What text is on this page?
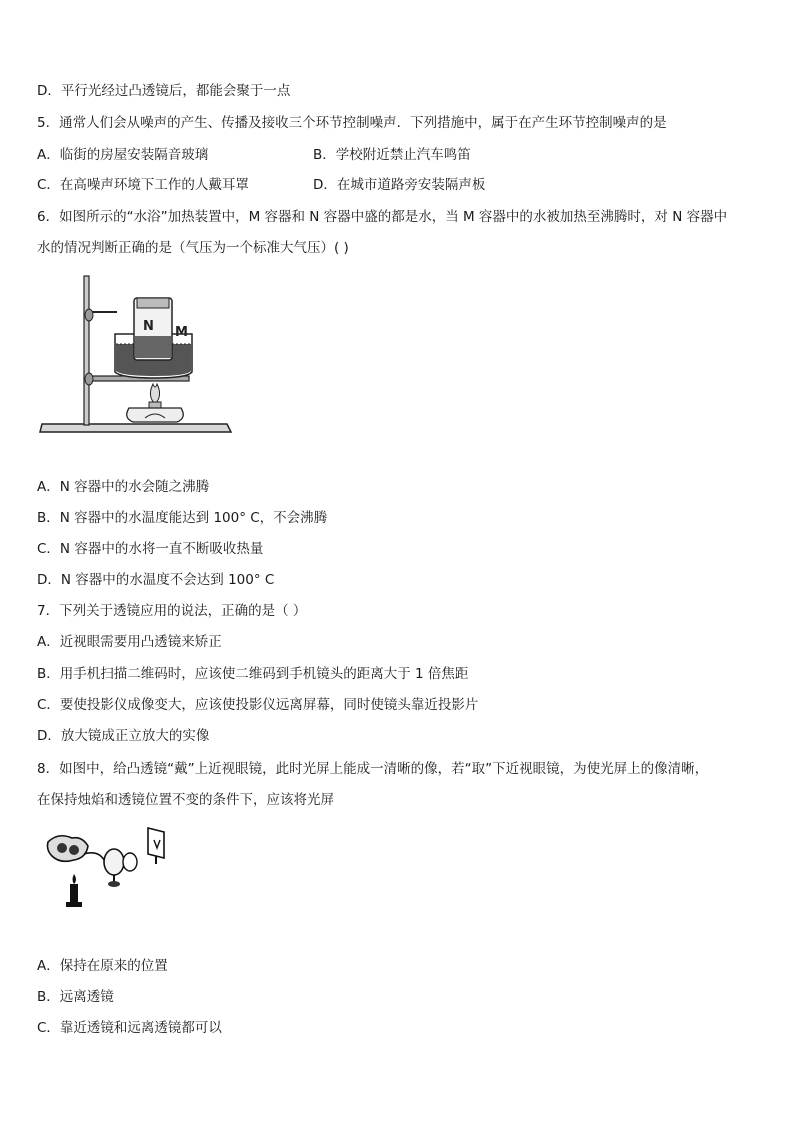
D．平行光经过凸透镜后，都能会聚于一点
5．通常人们会从噪声的产生、传播及接收三个环节控制噪声．下列措施中，属于在产生环节控制噪声的是
A．临街的房屋安装隔音玻璃	B．学校附近禁止汽车鸣笛
C．在高噪声环境下工作的人戴耳罩	D．在城市道路旁安装隔声板
6．如图所示的“水浴”加热装置中，M 容器和 N 容器中盛的都是水，当 M 容器中的水被加热至沸腾时，对 N 容器中
水的情况判断正确的是（气压为一个标准大气压）( )
N M
A．N 容器中的水会随之沸腾
B．N 容器中的水温度能达到 100° C，不会沸腾
C．N 容器中的水将一直不断吸收热量
D．N 容器中的水温度不会达到 100° C
7．下列关于透镜应用的说法，正确的是（ ）
A．近视眼需要用凸透镜来矫正
B．用手机扫描二维码时，应该使二维码到手机镜头的距离大于 1 倍焦距
C．要使投影仪成像变大，应该使投影仪远离屏幕，同时使镜头靠近投影片
D．放大镜成正立放大的实像
8．如图中，给凸透镜“戴”上近视眼镜，此时光屏上能成一清晰的像，若“取”下近视眼镜，为使光屏上的像清晰，
在保持烛焰和透镜位置不变的条件下，应该将光屏
A．保持在原来的位置
B．远离透镜
C．靠近透镜和远离透镜都可以
